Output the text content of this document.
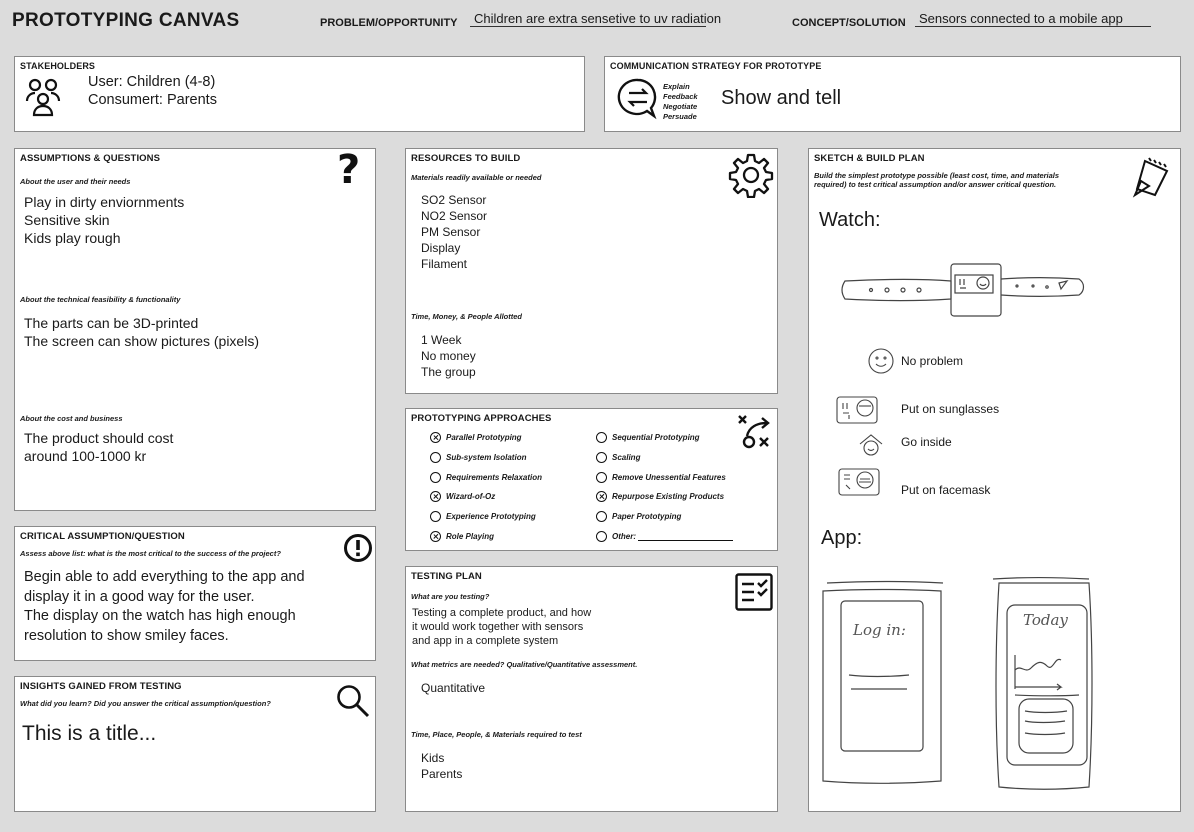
PROTOTYPING CANVAS	PROBLEM/OPPORTUNITY	Children are extra sensetive to uv radiation	CONCEPT/SOLUTION	Sensors connected to a mobile app
STAKEHOLDERS
User: Children (4-8)
Consumert: Parents
COMMUNICATION STRATEGY FOR PROTOTYPE
Explain
Feedback
Negotiate
Persuade
Show and tell
ASSUMPTIONS & QUESTIONS	?
About the user and their needs
Play in dirty enviornments
Sensitive skin
Kids play rough
About the technical feasibility & functionality
The parts can be 3D-printed
The screen can show pictures (pixels)
About the cost and business
The product should cost
around 100-1000 kr
CRITICAL ASSUMPTION/QUESTION
Assess above list: what is the most critical to the success of the project?
Begin able to add everything to the app and
display it in a good way for the user.
The display on the watch has high enough
resolution to show smiley faces.
INSIGHTS GAINED FROM TESTING
What did you learn? Did you answer the critical assumption/question?
This is a title...
RESOURCES TO BUILD
Materials readily available or needed
SO2 Sensor
NO2 Sensor
PM Sensor
Display
Filament
Time, Money, & People Allotted
1 Week
No money
The group
PROTOTYPING APPROACHES
Parallel Prototyping
Sub-system Isolation
Requirements Relaxation
Wizard-of-Oz
Experience Prototyping
Role Playing
Sequential Prototyping
Scaling
Remove Unessential Features
Repurpose Existing Products
Paper Prototyping
Other:
TESTING PLAN
What are you testing?
Testing a complete product, and how
it would work together with sensors
and app in a complete system
What metrics are needed? Qualitative/Quantitative assessment.
Quantitative
Time, Place, People, & Materials required to test
Kids
Parents
SKETCH & BUILD PLAN
Build the simplest prototype possible (least cost, time, and materials
required) to test critical assumption and/or answer critical question.
Watch:
No problem
Put on sunglasses
Go inside
Put on facemask
App:
Log in:
Today
